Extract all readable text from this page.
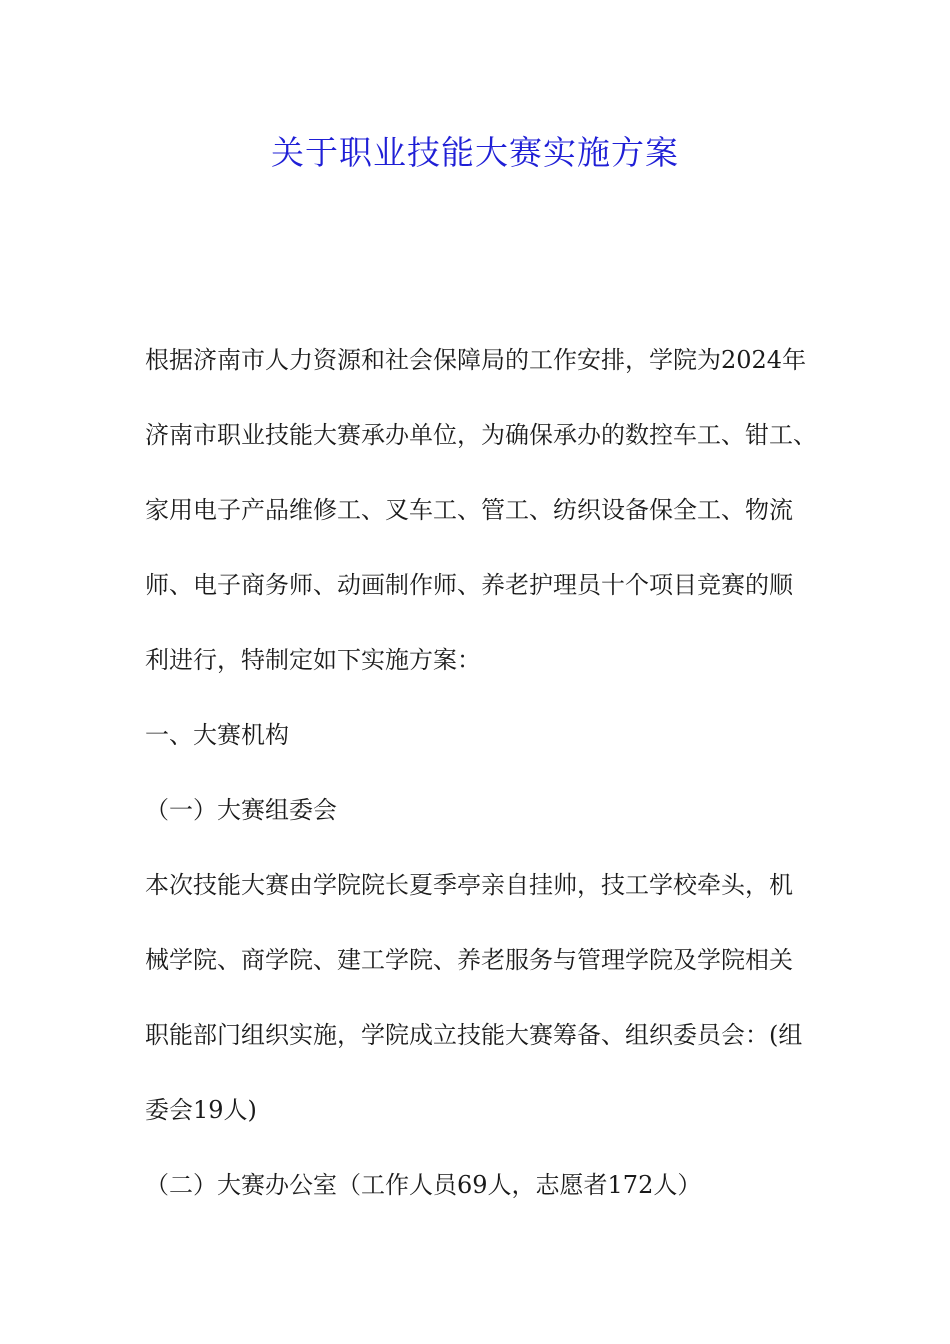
关于职业技能大赛实施方案

根据济南市人力资源和社会保障局的工作安排，学院为2024年

济南市职业技能大赛承办单位，为确保承办的数控车工、钳工、

家用电子产品维修工、叉车工、管工、纺织设备保全工、物流

师、电子商务师、动画制作师、养老护理员十个项目竞赛的顺

利进行，特制定如下实施方案：

一、大赛机构

（一）大赛组委会

本次技能大赛由学院院长夏季亭亲自挂帅，技工学校牵头，机

械学院、商学院、建工学院、养老服务与管理学院及学院相关

职能部门组织实施，学院成立技能大赛筹备、组织委员会：(组

委会19人)

（二）大赛办公室（工作人员69人，志愿者172人）
